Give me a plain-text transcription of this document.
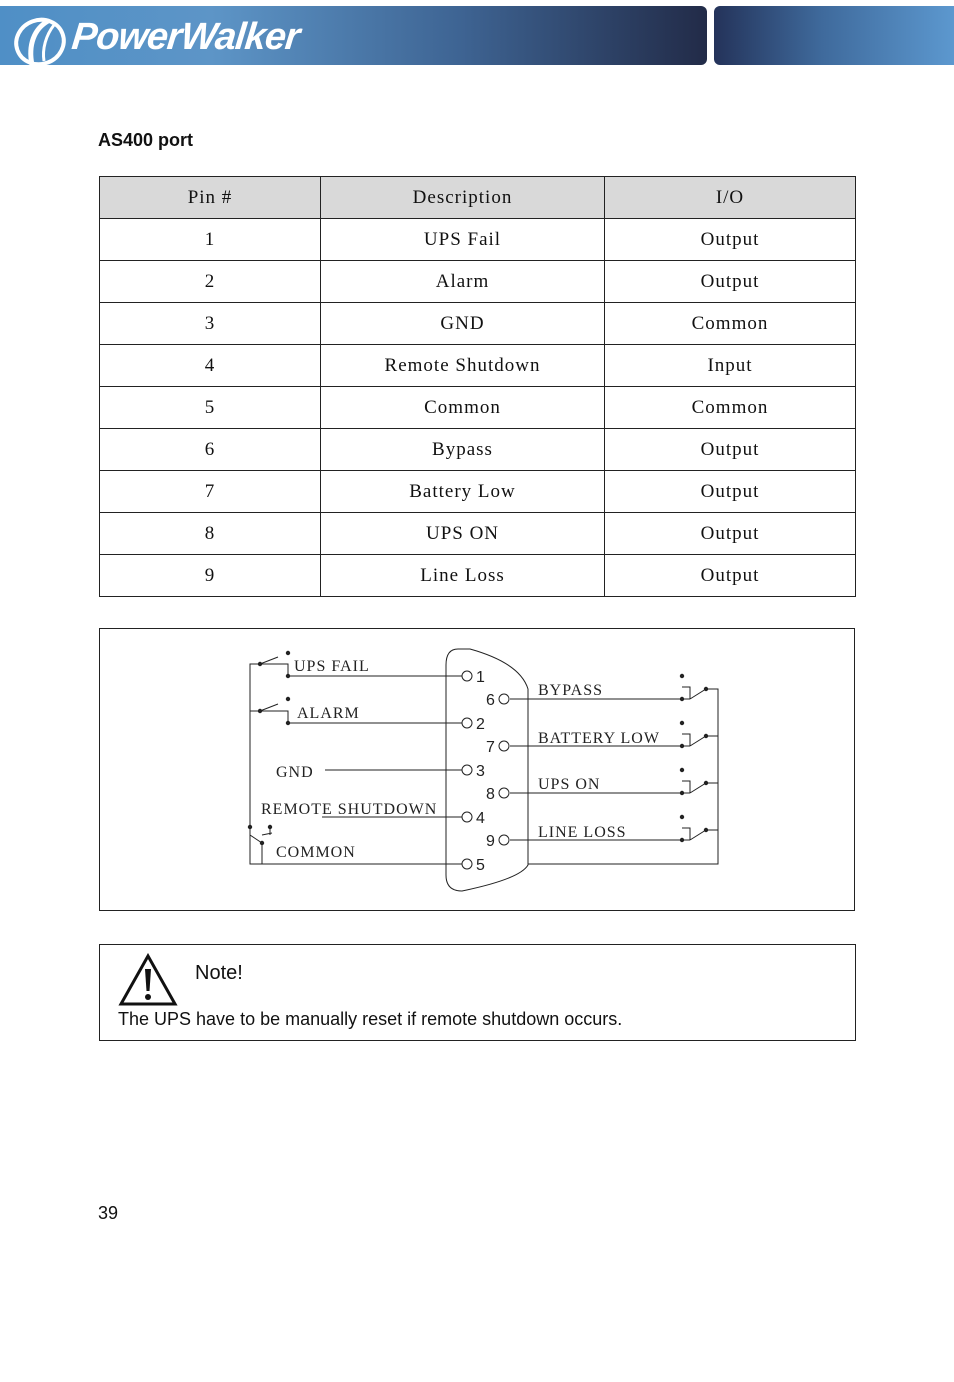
PowerWalker
AS400 port
Pin #	Description	I/O
1	UPS Fail	Output
2	Alarm	Output
3	GND	Common
4	Remote Shutdown	Input
5	Common	Common
6	Bypass	Output
7	Battery Low	Output
8	UPS ON	Output
9	Line Loss	Output
1
2
3
4
5
6
7
8
9
UPS FAIL
ALARM
GND
REMOTE SHUTDOWN
COMMON
BYPASS
BATTERY LOW
UPS ON
LINE LOSS
Note!
The UPS have to be manually reset if remote shutdown occurs.
39
